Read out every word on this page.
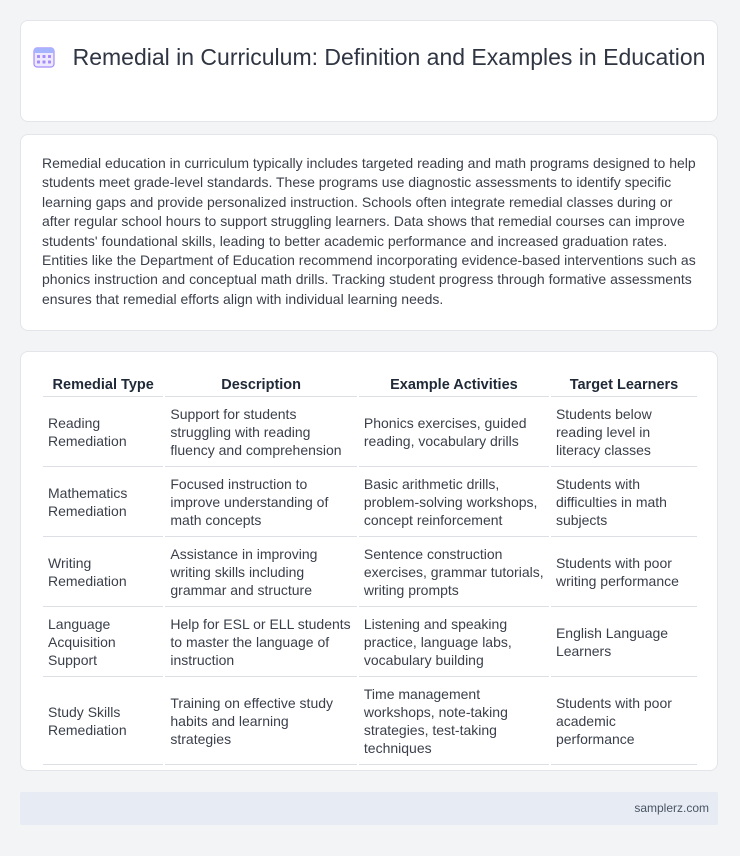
Remedial in Curriculum: Definition and Examples in Education

Remedial education in curriculum typically includes targeted reading and math programs designed to help students meet grade-level standards. These programs use diagnostic assessments to identify specific learning gaps and provide personalized instruction. Schools often integrate remedial classes during or after regular school hours to support struggling learners. Data shows that remedial courses can improve students' foundational skills, leading to better academic performance and increased graduation rates. Entities like the Department of Education recommend incorporating evidence-based interventions such as phonics instruction and conceptual math drills. Tracking student progress through formative assessments ensures that remedial efforts align with individual learning needs.

Remedial Type	Description	Example Activities	Target Learners
Reading Remediation	Support for students struggling with reading fluency and comprehension	Phonics exercises, guided reading, vocabulary drills	Students below reading level in literacy classes
Mathematics Remediation	Focused instruction to improve understanding of math concepts	Basic arithmetic drills, problem-solving workshops, concept reinforcement	Students with difficulties in math subjects
Writing Remediation	Assistance in improving writing skills including grammar and structure	Sentence construction exercises, grammar tutorials, writing prompts	Students with poor writing performance
Language Acquisition Support	Help for ESL or ELL students to master the language of instruction	Listening and speaking practice, language labs, vocabulary building	English Language Learners
Study Skills Remediation	Training on effective study habits and learning strategies	Time management workshops, note-taking strategies, test-taking techniques	Students with poor academic performance
samplerz.com
